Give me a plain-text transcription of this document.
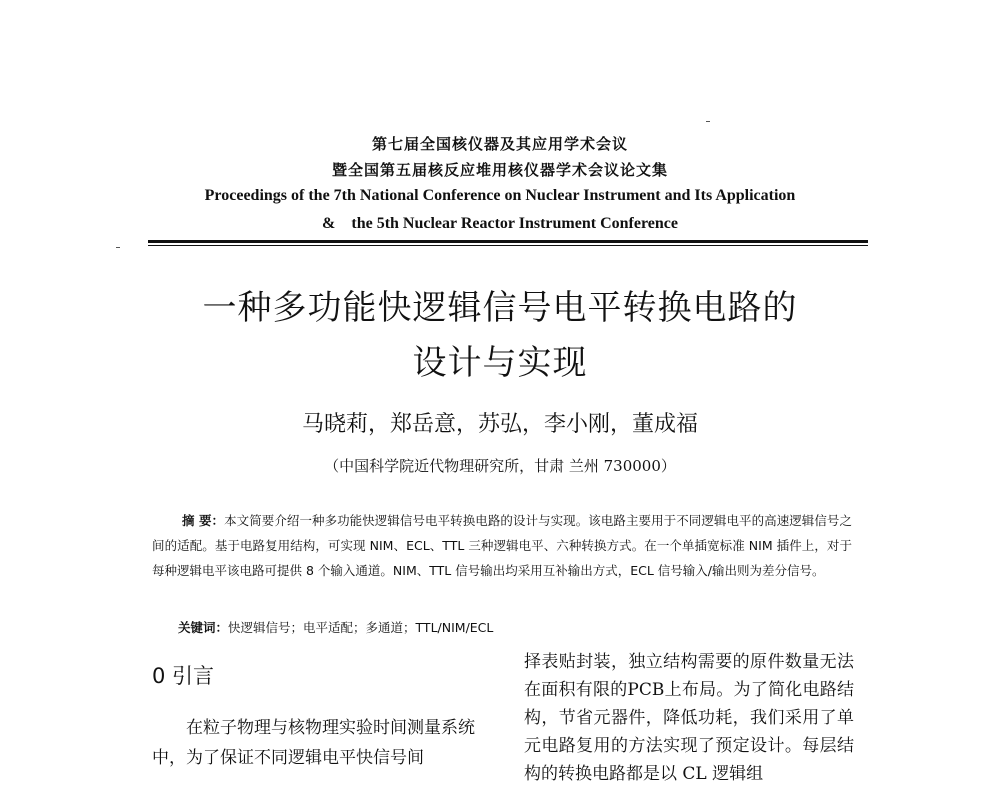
第七届全国核仪器及其应用学术会议
暨全国第五届核反应堆用核仪器学术会议论文集
Proceedings of the 7th National Conference on Nuclear Instrument and Its Application
&    the 5th Nuclear Reactor Instrument Conference
一种多功能快逻辑信号电平转换电路的
设计与实现
马晓莉，郑岳意，苏弘，李小刚，董成福
（中国科学院近代物理研究所，甘肃 兰州 730000）
摘 要：本文简要介绍一种多功能快逻辑信号电平转换电路的设计与实现。该电路主要用于不同逻辑电平的高速逻辑信号之间的适配。基于电路复用结构，可实现 NIM、ECL、TTL 三种逻辑电平、六种转换方式。在一个单插宽标准 NIM 插件上，对于每种逻辑电平该电路可提供 8 个输入通道。NIM、TTL 信号输出均采用互补输出方式，ECL 信号输入/输出则为差分信号。
关键词：快逻辑信号；电平适配；多通道；TTL/NIM/ECL
0 引言
在粒子物理与核物理实验时间测量系统中，为了保证不同逻辑电平快信号间
择表贴封装，独立结构需要的原件数量无法在面积有限的PCB上布局。为了简化电路结构，节省元器件，降低功耗，我们采用了单元电路复用的方法实现了预定设计。每层结构的转换电路都是以 CL 逻辑组
